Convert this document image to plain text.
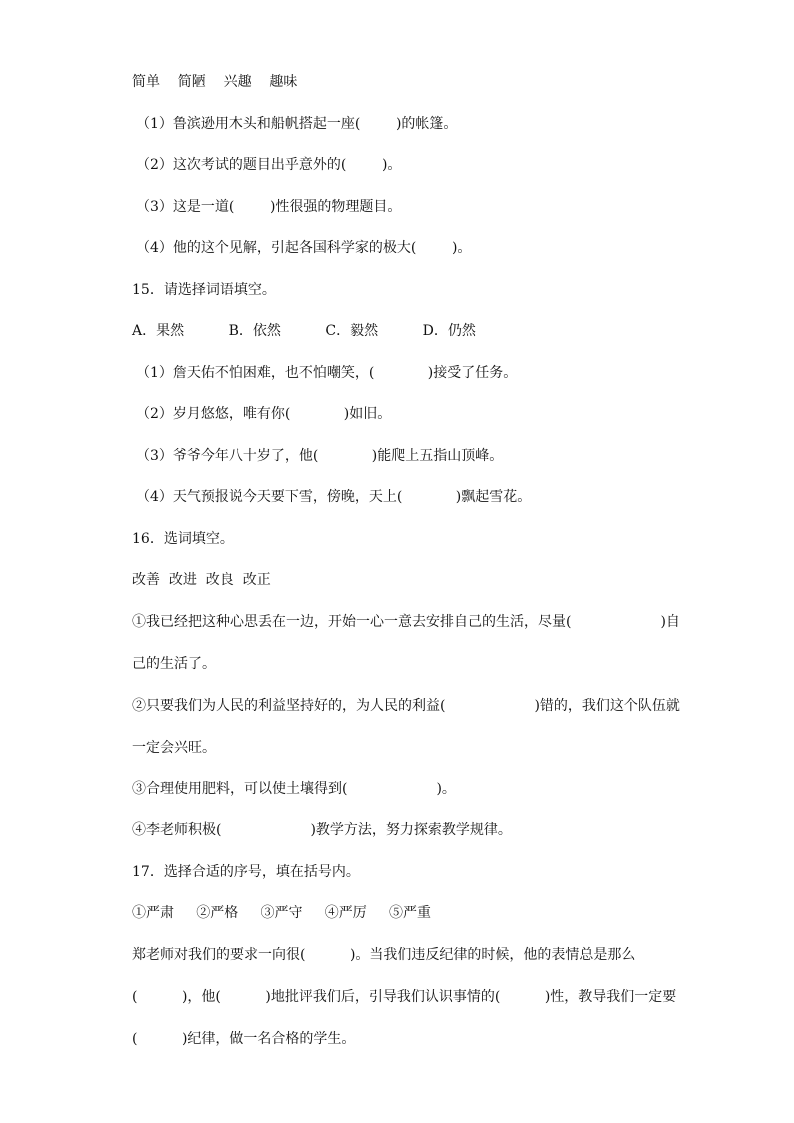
简单    简陋    兴趣    趣味
（1）鲁滨逊用木头和船帆搭起一座(        )的帐篷。
（2）这次考试的题目出乎意外的(        )。
（3）这是一道(        )性很强的物理题目。
（4）他的这个见解，引起各国科学家的极大(        )。
15．请选择词语填空。
A．果然          B．依然          C．毅然          D．仍然
（1）詹天佑不怕困难，也不怕嘲笑，(            )接受了任务。
（2）岁月悠悠，唯有你(            )如旧。
（3）爷爷今年八十岁了，他(            )能爬上五指山顶峰。
（4）天气预报说今天要下雪，傍晚，天上(            )飘起雪花。
16．选词填空。
改善  改进  改良  改正
①我已经把这种心思丢在一边，开始一心一意去安排自己的生活，尽量(                    )自
己的生活了。
②只要我们为人民的利益坚持好的，为人民的利益(                    )错的，我们这个队伍就
一定会兴旺。
③合理使用肥料，可以使土壤得到(                    )。
④李老师积极(                    )教学方法，努力探索教学规律。
17．选择合适的序号，填在括号内。
①严肃     ②严格     ③严守     ④严厉     ⑤严重
郑老师对我们的要求一向很(          )。当我们违反纪律的时候，他的表情总是那么
(          )，他(          )地批评我们后，引导我们认识事情的(          )性，教导我们一定要
(          )纪律，做一名合格的学生。
